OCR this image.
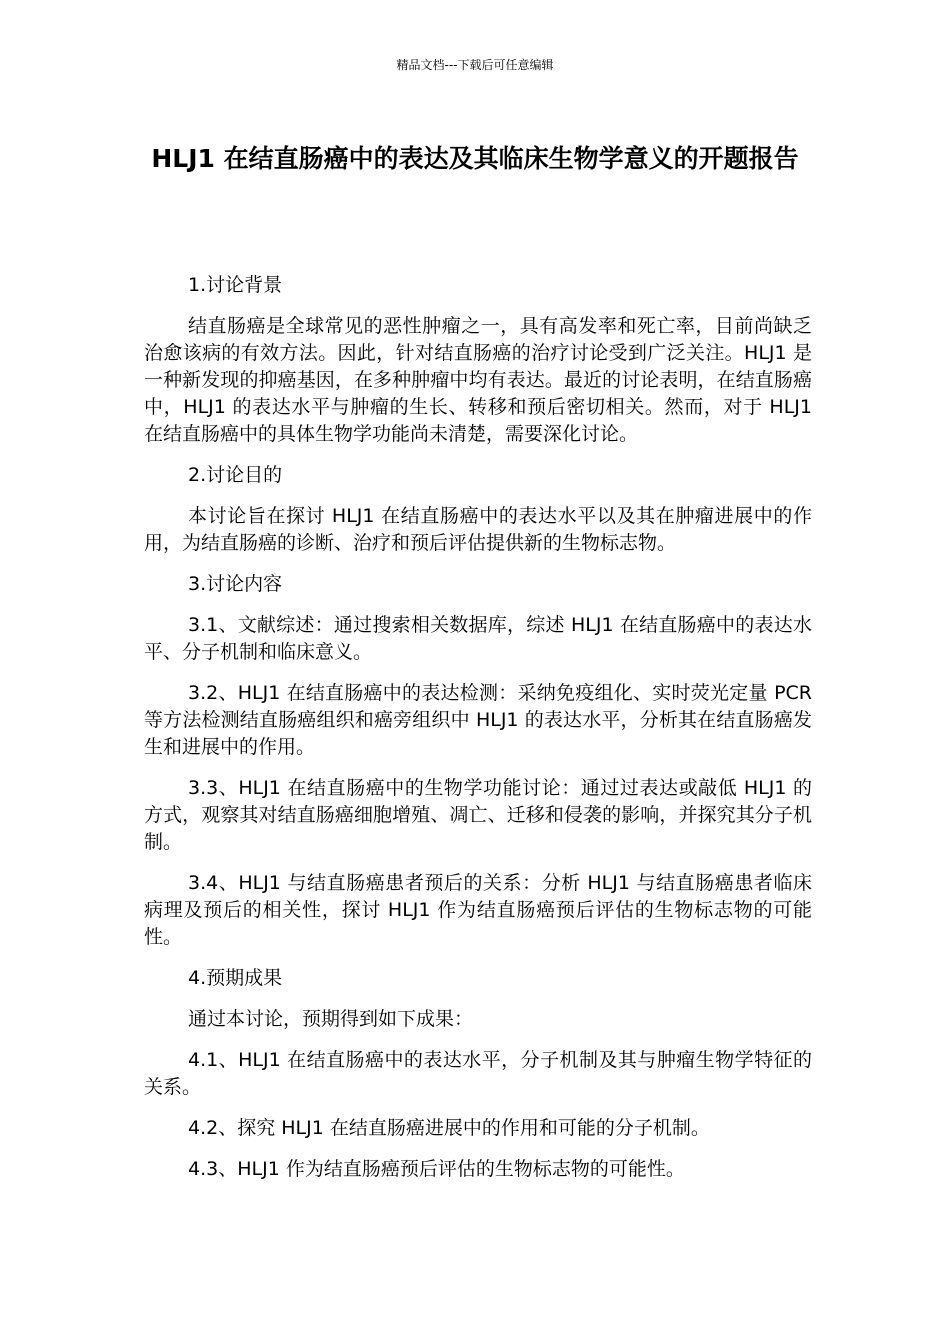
精品文档---下载后可任意编辑
HLJ1 在结直肠癌中的表达及其临床生物学意义的开题报告

1.讨论背景

结直肠癌是全球常见的恶性肿瘤之一，具有高发率和死亡率，目前尚缺乏治愈该病的有效方法。因此，针对结直肠癌的治疗讨论受到广泛关注。HLJ1 是一种新发现的抑癌基因，在多种肿瘤中均有表达。最近的讨论表明，在结直肠癌中，HLJ1 的表达水平与肿瘤的生长、转移和预后密切相关。然而，对于 HLJ1 在结直肠癌中的具体生物学功能尚未清楚，需要深化讨论。

2.讨论目的

本讨论旨在探讨 HLJ1 在结直肠癌中的表达水平以及其在肿瘤进展中的作用，为结直肠癌的诊断、治疗和预后评估提供新的生物标志物。

3.讨论内容

3.1、文献综述：通过搜索相关数据库，综述 HLJ1 在结直肠癌中的表达水平、分子机制和临床意义。

3.2、HLJ1 在结直肠癌中的表达检测：采纳免疫组化、实时荧光定量 PCR 等方法检测结直肠癌组织和癌旁组织中 HLJ1 的表达水平，分析其在结直肠癌发生和进展中的作用。

3.3、HLJ1 在结直肠癌中的生物学功能讨论：通过过表达或敲低 HLJ1 的方式，观察其对结直肠癌细胞增殖、凋亡、迁移和侵袭的影响，并探究其分子机制。

3.4、HLJ1 与结直肠癌患者预后的关系：分析 HLJ1 与结直肠癌患者临床病理及预后的相关性，探讨 HLJ1 作为结直肠癌预后评估的生物标志物的可能性。

4.预期成果

通过本讨论，预期得到如下成果：

4.1、HLJ1 在结直肠癌中的表达水平，分子机制及其与肿瘤生物学特征的关系。

4.2、探究 HLJ1 在结直肠癌进展中的作用和可能的分子机制。

4.3、HLJ1 作为结直肠癌预后评估的生物标志物的可能性。
